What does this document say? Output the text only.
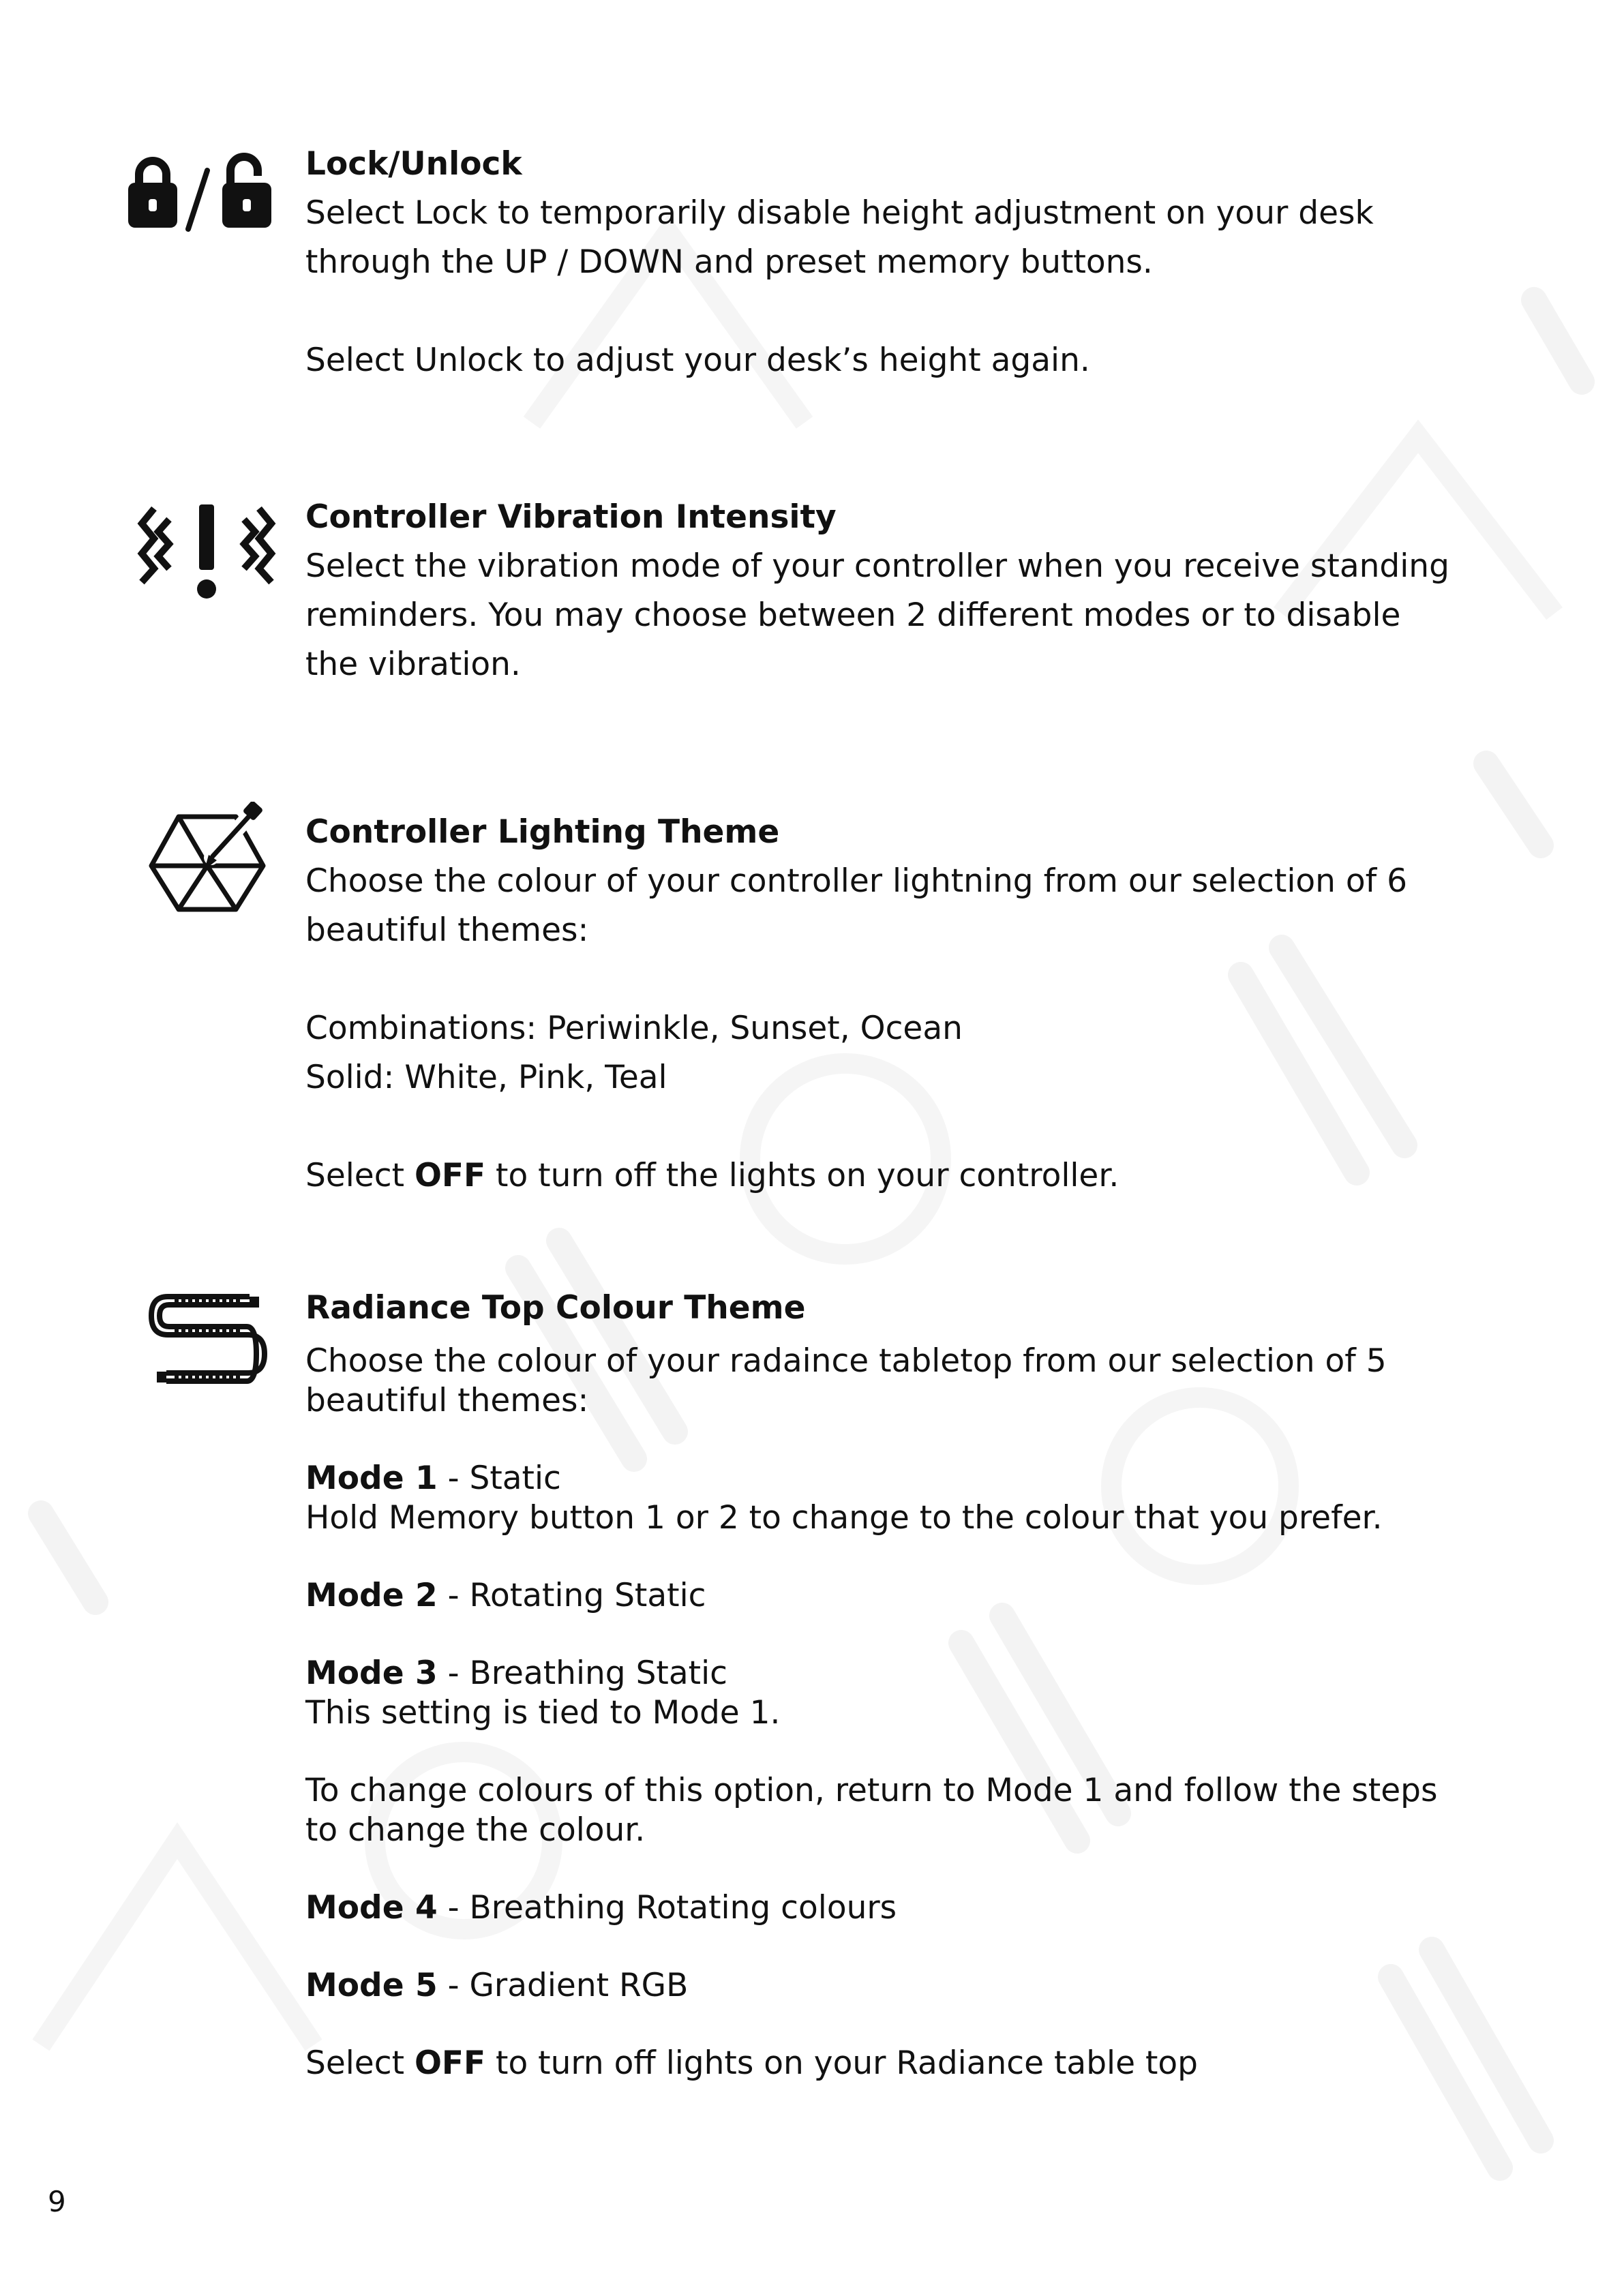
Lock/Unlock

Select Lock to temporarily disable height adjustment on your desk

through the UP / DOWN and preset memory buttons.

Select Unlock to adjust your desk’s height again.

Controller Vibration Intensity

Select the vibration mode of your controller when you receive standing

reminders. You may choose between 2 different modes or to disable

the vibration.

Controller Lighting Theme

Choose the colour of your controller lightning from our selection of 6

beautiful themes:

Combinations: Periwinkle, Sunset, Ocean

Solid: White, Pink, Teal

Select OFF to turn off the lights on your controller.

Radiance Top Colour Theme

Choose the colour of your radaince tabletop from our selection of 5

beautiful themes:

Mode 1 - Static

Hold Memory button 1 or 2 to change to the colour that you prefer.

Mode 2 - Rotating Static

Mode 3 - Breathing Static

This setting is tied to Mode 1.

To change colours of this option, return to Mode 1 and follow the steps

to change the colour.

Mode 4 - Breathing Rotating colours

Mode 5 - Gradient RGB

Select OFF to turn off lights on your Radiance table top

9
